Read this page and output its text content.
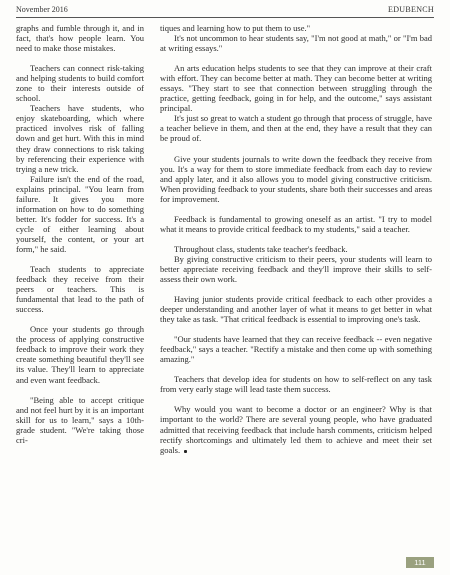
November 2016	EDUBENCH

graphs and fumble through it, and in fact, that's how people learn. You need to make those mistakes.

Teachers can connect risk-taking and helping students to build comfort zone to their interests outside of school.

Teachers have students, who enjoy skateboarding, which where practiced involves risk of falling down and get hurt. With this in mind they draw connections to risk taking by referencing their experience with trying a new trick.

Failure isn't the end of the road, explains principal. "You learn from failure. It gives you more information on how to do something better. It's fodder for success. It's a cycle of either learning about yourself, the content, or your art form," he said.

Teach students to appreciate feedback they receive from their peers or teachers. This is fundamental that lead to the path of success.

Once your students go through the process of applying constructive feedback to improve their work they create something beautiful they'll see its value. They'll learn to appreciate and even want feedback.

"Being able to accept critique and not feel hurt by it is an important skill for us to learn," says a 10th-grade student. "We're taking those cri-

tiques and learning how to put them to use."

It's not uncommon to hear students say, "I'm not good at math," or "I'm bad at writing essays."

An arts education helps students to see that they can improve at their craft with effort. They can become better at math. They can become better at writing essays. "They start to see that connection between struggling through the practice, getting feedback, going in for help, and the outcome," says assistant principal.

It's just so great to watch a student go through that process of struggle, have a teacher believe in them, and then at the end, they have a result that they can be proud of.

Give your students journals to write down the feedback they receive from you. It's a way for them to store immediate feedback from each day to review and apply later, and it also allows you to model giving constructive criticism. When providing feedback to your students, share both their successes and areas for improvement.

Feedback is fundamental to growing oneself as an artist. "I try to model what it means to provide critical feedback to my students," said a teacher.

Throughout class, students take teacher's feedback.

By giving constructive criticism to their peers, your students will learn to better appreciate receiving feedback and they'll improve their skills to self-assess their own work.

Having junior students provide critical feedback to each other provides a deeper understanding and another layer of what it means to get better in what they take as task. "That critical feedback is essential to improving one's task.

"Our students have learned that they can receive feedback -- even negative feedback," says a teacher. "Rectify a mistake and then come up with something amazing."

Teachers that develop idea for students on how to self-reflect on any task from very early stage will lead taste them success.

Why would you want to become a doctor or an engineer? Why is that important to the world? There are several young people, who have graduated admitted that receiving feedback that include harsh comments, criticism helped rectify shortcomings and ultimately led them to achieve and meet their set goals.

111
